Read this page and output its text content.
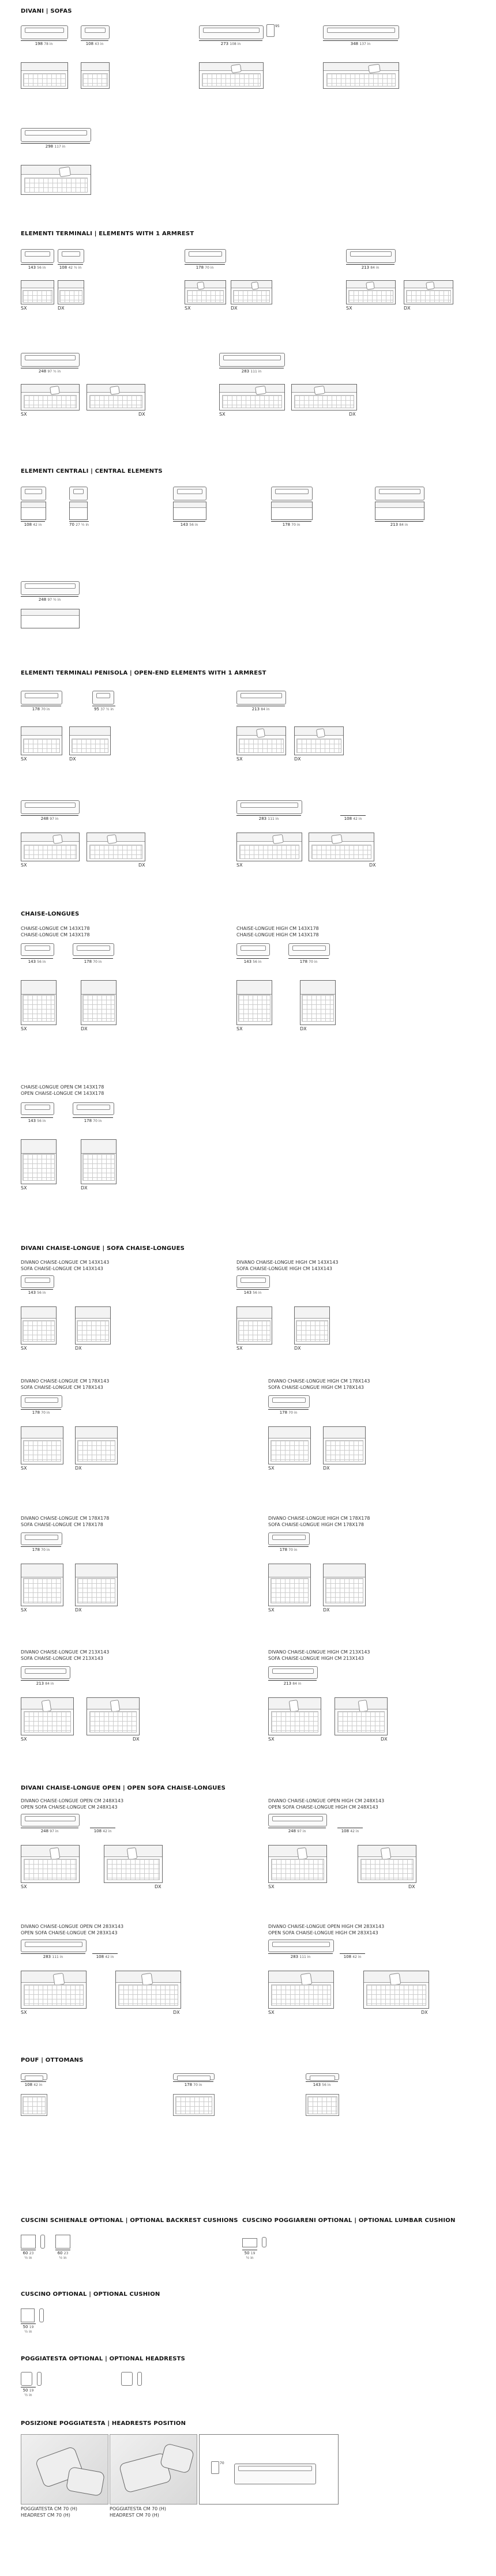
DIVANI | SOFAS
198 78 in	108 43 in	273 108 in
95
348 137 in
298 117 in
ELEMENTI TERMINALI | ELEMENTS WITH 1 ARMREST
143 56 in	108 42 ½ in
SX	DX
178 70 in
SX	DX
213 84 in
SX	DX
248 97 ½ in
SX	DX
283 111 in
SX	DX
ELEMENTI CENTRALI | CENTRAL ELEMENTS
108 42 in	70 27 ½ in	143 56 in	178 70 in	213 84 in
248 97 ½ in
ELEMENTI TERMINALI PENISOLA | OPEN-END ELEMENTS WITH 1 ARMREST
178 70 in	95 37 ½ in
SX	DX
213 84 in
SX	DX
248 97 in
SX	DX
283 111 in	108 42 in
SX	DX
CHAISE-LONGUES
CHAISE-LONGUE CM 143X178
CHAISE-LONGUE CM 143X178
CHAISE-LONGUE HIGH CM 143X178
CHAISE-LONGUE HIGH CM 143X178
143 56 in	178 70 in
SX	DX
143 56 in	178 70 in
SX	DX
CHAISE-LONGUE OPEN CM 143X178
OPEN CHAISE-LONGUE CM 143X178
143 56 in	178 70 in
SX	DX
DIVANI CHAISE-LONGUE | SOFA CHAISE-LONGUES
DIVANO CHAISE-LONGUE CM 143X143
SOFA CHAISE-LONGUE CM 143X143
DIVANO CHAISE-LONGUE HIGH CM 143X143
SOFA CHAISE-LONGUE HIGH CM 143X143
143 56 in
SX	DX
143 56 in
SX	DX
DIVANO CHAISE-LONGUE CM 178X143
SOFA CHAISE-LONGUE CM 178X143
DIVANO CHAISE-LONGUE HIGH CM 178X143
SOFA CHAISE-LONGUE HIGH CM 178X143
178 70 in
SX	DX
178 70 in
SX	DX
DIVANO CHAISE-LONGUE CM 178X178
SOFA CHAISE-LONGUE CM 178X178
DIVANO CHAISE-LONGUE HIGH CM 178X178
SOFA CHAISE-LONGUE HIGH CM 178X178
178 70 in
SX	DX
178 70 in
SX	DX
DIVANO CHAISE-LONGUE CM 213X143
SOFA CHAISE-LONGUE CM 213X143
DIVANO CHAISE-LONGUE HIGH CM 213X143
SOFA CHAISE-LONGUE HIGH CM 213X143
213 84 in
SX	DX
213 84 in
SX	DX
DIVANI CHAISE-LONGUE OPEN | OPEN SOFA CHAISE-LONGUES
DIVANO CHAISE-LONGUE OPEN CM 248X143
OPEN SOFA CHAISE-LONGUE CM 248X143
DIVANO CHAISE-LONGUE OPEN HIGH CM 248X143
OPEN SOFA CHAISE-LONGUE HIGH CM 248X143
248 97 in	108 42 in
SX	DX
248 97 in	108 42 in
SX	DX
DIVANO CHAISE-LONGUE OPEN CM 283X143
OPEN SOFA CHAISE-LONGUE CM 283X143
DIVANO CHAISE-LONGUE OPEN HIGH CM 283X143
OPEN SOFA CHAISE-LONGUE HIGH CM 283X143
283 111 in	108 42 in
SX	DX
283 111 in	108 42 in
SX	DX
POUF | OTTOMANS
108 42 in	178 70 in	143 56 in
CUSCINI SCHIENALE OPTIONAL | OPTIONAL BACKREST CUSHIONS CUSCINO POGGIARENI OPTIONAL | OPTIONAL LUMBAR CUSHION
60 23 ½ in
60 23 ½ in
50 19 ½ in
CUSCINO OPTIONAL | OPTIONAL CUSHION
50 19 ½ in
POGGIATESTA OPTIONAL | OPTIONAL HEADRESTS
50 19 ½ in
POSIZIONE POGGIATESTA | HEADRESTS POSITION
70
POGGIATESTA CM 70 (H)
HEADREST CM 70 (H)
POGGIATESTA CM 70 (H)
HEADREST CM 70 (H)
